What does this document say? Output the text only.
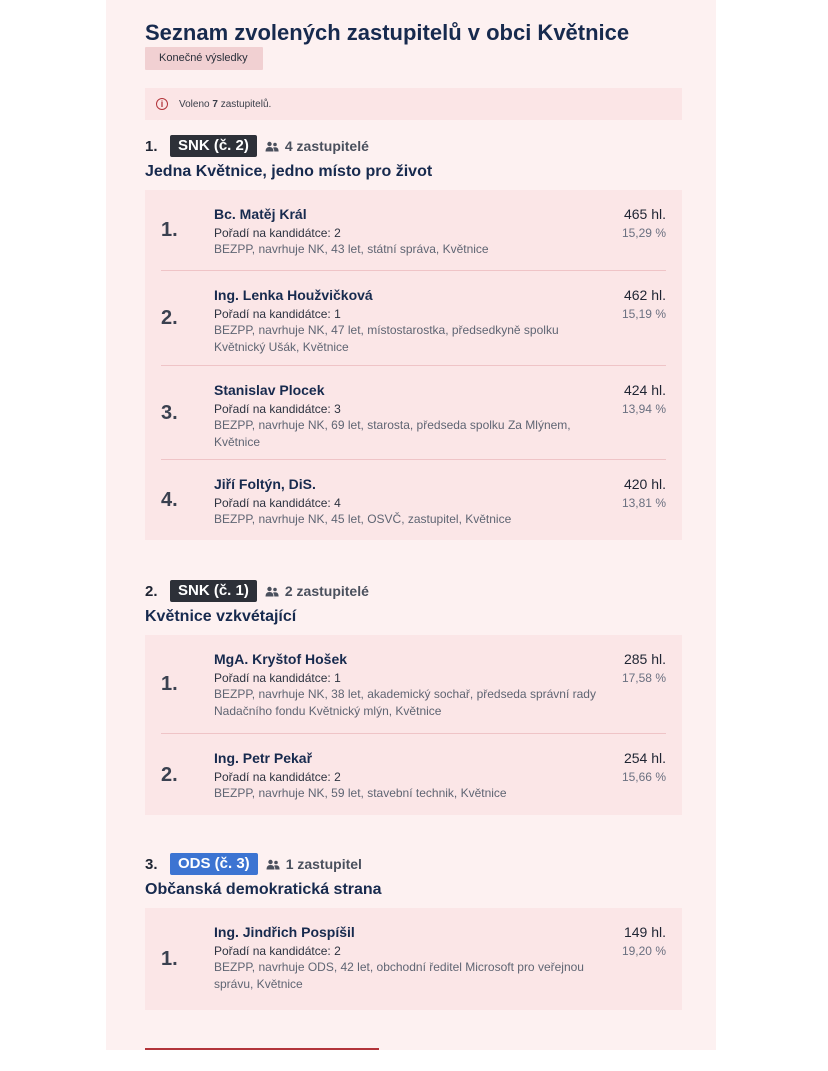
Seznam zvolených zastupitelů v obci Květnice
Konečné výsledky
i	Voleno 7 zastupitelů.
1.	SNK (č. 2)	4 zastupitelé
Jedna Květnice, jedno místo pro život
1.
Bc. Matěj Král
Pořadí na kandidátce: 2
BEZPP, navrhuje NK, 43 let, státní správa, Květnice
465 hl.
15,29 %
2.
Ing. Lenka Houžvičková
Pořadí na kandidátce: 1
BEZPP, navrhuje NK, 47 let, místostarostka, předsedkyně spolku Květnický Ušák, Květnice
462 hl.
15,19 %
3.
Stanislav Plocek
Pořadí na kandidátce: 3
BEZPP, navrhuje NK, 69 let, starosta, předseda spolku Za Mlýnem, Květnice
424 hl.
13,94 %
4.
Jiří Foltýn, DiS.
Pořadí na kandidátce: 4
BEZPP, navrhuje NK, 45 let, OSVČ, zastupitel, Květnice
420 hl.
13,81 %
2.	SNK (č. 1)	2 zastupitelé
Květnice vzkvétající
1.
MgA. Kryštof Hošek
Pořadí na kandidátce: 1
BEZPP, navrhuje NK, 38 let, akademický sochař, předseda správní rady Nadačního fondu Květnický mlýn, Květnice
285 hl.
17,58 %
2.
Ing. Petr Pekař
Pořadí na kandidátce: 2
BEZPP, navrhuje NK, 59 let, stavební technik, Květnice
254 hl.
15,66 %
3.	ODS (č. 3)	1 zastupitel
Občanská demokratická strana
1.
Ing. Jindřich Pospíšil
Pořadí na kandidátce: 2
BEZPP, navrhuje ODS, 42 let, obchodní ředitel Microsoft pro veřejnou správu, Květnice
149 hl.
19,20 %
